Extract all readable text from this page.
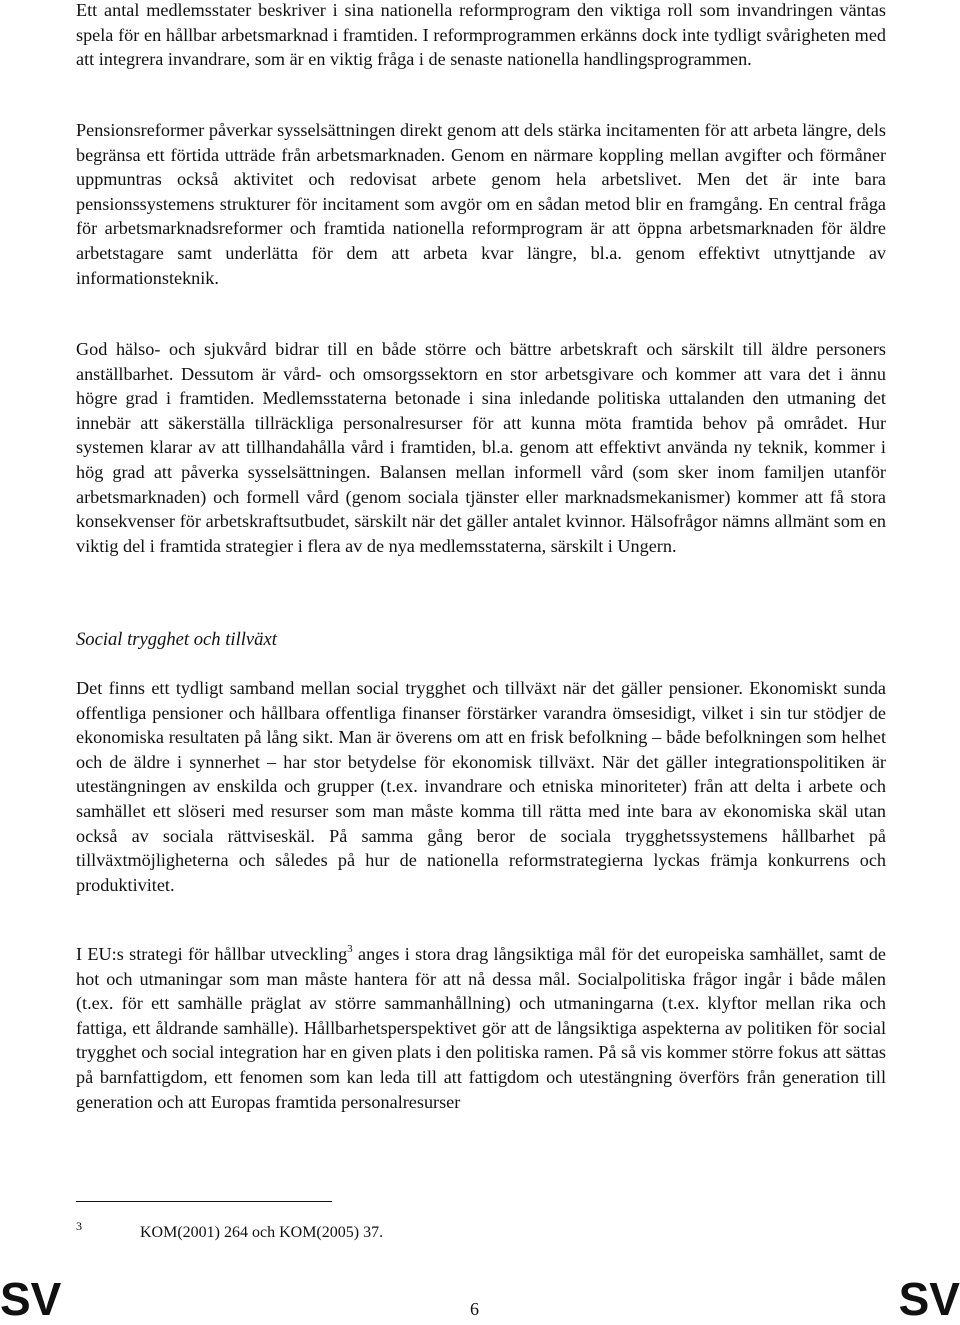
Ett antal medlemsstater beskriver i sina nationella reformprogram den viktiga roll som invandringen väntas spela för en hållbar arbetsmarknad i framtiden. I reformprogrammen erkänns dock inte tydligt svårigheten med att integrera invandrare, som är en viktig fråga i de senaste nationella handlingsprogrammen.

Pensionsreformer påverkar sysselsättningen direkt genom att dels stärka incitamenten för att arbeta längre, dels begränsa ett förtida utträde från arbetsmarknaden. Genom en närmare koppling mellan avgifter och förmåner uppmuntras också aktivitet och redovisat arbete genom hela arbetslivet. Men det är inte bara pensionssystemens strukturer för incitament som avgör om en sådan metod blir en framgång. En central fråga för arbetsmarknadsreformer och framtida nationella reformprogram är att öppna arbetsmarknaden för äldre arbetstagare samt underlätta för dem att arbeta kvar längre, bl.a. genom effektivt utnyttjande av informationsteknik.

God hälso- och sjukvård bidrar till en både större och bättre arbetskraft och särskilt till äldre personers anställbarhet. Dessutom är vård- och omsorgssektorn en stor arbetsgivare och kommer att vara det i ännu högre grad i framtiden. Medlemsstaterna betonade i sina inledande politiska uttalanden den utmaning det innebär att säkerställa tillräckliga personalresurser för att kunna möta framtida behov på området. Hur systemen klarar av att tillhandahålla vård i framtiden, bl.a. genom att effektivt använda ny teknik, kommer i hög grad att påverka sysselsättningen. Balansen mellan informell vård (som sker inom familjen utanför arbetsmarknaden) och formell vård (genom sociala tjänster eller marknadsmekanismer) kommer att få stora konsekvenser för arbetskraftsutbudet, särskilt när det gäller antalet kvinnor. Hälsofrågor nämns allmänt som en viktig del i framtida strategier i flera av de nya medlemsstaterna, särskilt i Ungern.

Social trygghet och tillväxt

Det finns ett tydligt samband mellan social trygghet och tillväxt när det gäller pensioner. Ekonomiskt sunda offentliga pensioner och hållbara offentliga finanser förstärker varandra ömsesidigt, vilket i sin tur stödjer de ekonomiska resultaten på lång sikt. Man är överens om att en frisk befolkning – både befolkningen som helhet och de äldre i synnerhet – har stor betydelse för ekonomisk tillväxt. När det gäller integrationspolitiken är utestängningen av enskilda och grupper (t.ex. invandrare och etniska minoriteter) från att delta i arbete och samhället ett slöseri med resurser som man måste komma till rätta med inte bara av ekonomiska skäl utan också av sociala rättviseskäl. På samma gång beror de sociala trygghetssystemens hållbarhet på tillväxtmöjligheterna och således på hur de nationella reformstrategierna lyckas främja konkurrens och produktivitet.

I EU:s strategi för hållbar utveckling$^3$ anges i stora drag långsiktiga mål för det europeiska samhället, samt de hot och utmaningar som man måste hantera för att nå dessa mål. Socialpolitiska frågor ingår i både målen (t.ex. för ett samhälle präglat av större sammanhållning) och utmaningarna (t.ex. klyftor mellan rika och fattiga, ett åldrande samhälle). Hållbarhetsperspektivet gör att de långsiktiga aspekterna av politiken för social trygghet och social integration har en given plats i den politiska ramen. På så vis kommer större fokus att sättas på barnfattigdom, ett fenomen som kan leda till att fattigdom och utestängning överförs från generation till generation och att Europas framtida personalresurser

3	KOM(2001) 264 och KOM(2005) 37.
SV	6	SV
